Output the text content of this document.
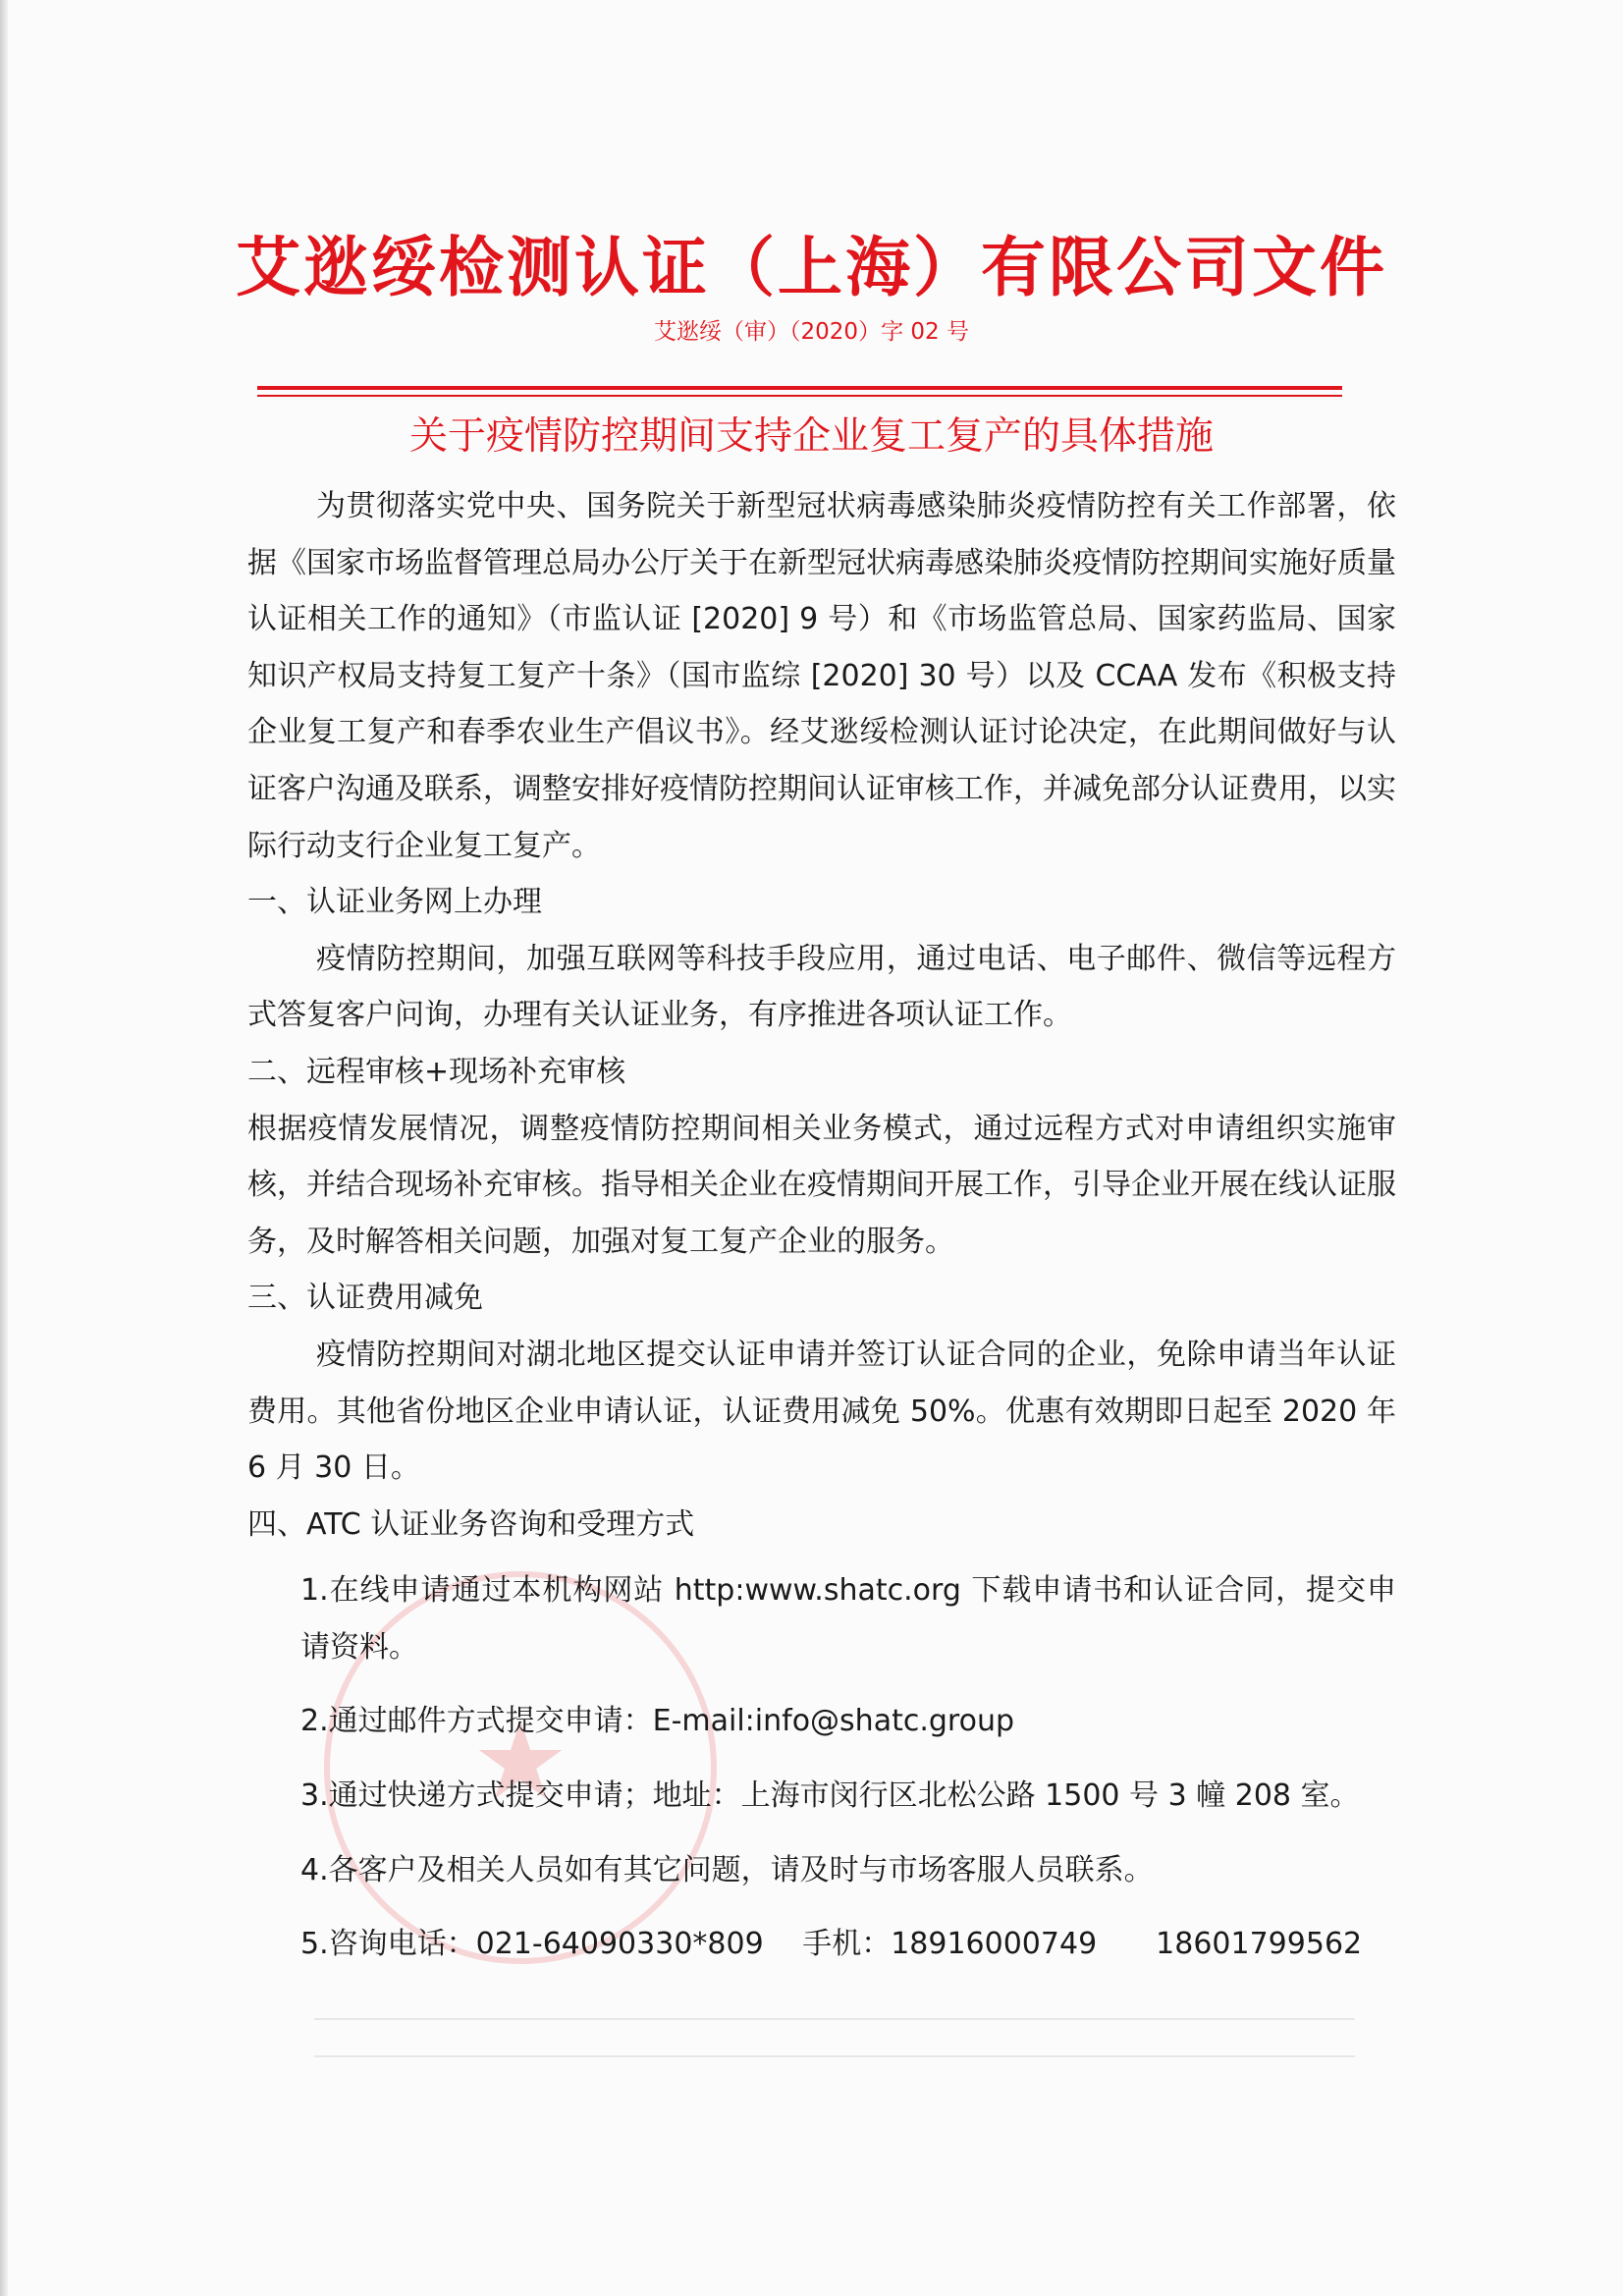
艾逖绥检测认证（上海）有限公司文件
艾逖绥（审）（2020）字 02 号
关于疫情防控期间支持企业复工复产的具体措施
★

为贯彻落实党中央、国务院关于新型冠状病毒感染肺炎疫情防控有关工作部署，依据《国家市场监督管理总局办公厅关于在新型冠状病毒感染肺炎疫情防控期间实施好质量认证相关工作的通知》（市监认证 [2020] 9 号）和《市场监管总局、国家药监局、国家知识产权局支持复工复产十条》（国市监综 [2020] 30 号）以及 CCAA 发布《积极支持企业复工复产和春季农业生产倡议书》。经艾逖绥检测认证讨论决定，在此期间做好与认证客户沟通及联系，调整安排好疫情防控期间认证审核工作，并减免部分认证费用，以实际行动支行企业复工复产。

一、认证业务网上办理

疫情防控期间，加强互联网等科技手段应用，通过电话、电子邮件、微信等远程方式答复客户问询，办理有关认证业务，有序推进各项认证工作。

二、远程审核+现场补充审核

根据疫情发展情况，调整疫情防控期间相关业务模式，通过远程方式对申请组织实施审核，并结合现场补充审核。指导相关企业在疫情期间开展工作，引导企业开展在线认证服务，及时解答相关问题，加强对复工复产企业的服务。

三、认证费用减免

疫情防控期间对湖北地区提交认证申请并签订认证合同的企业，免除申请当年认证费用。其他省份地区企业申请认证，认证费用减免 50%。优惠有效期即日起至 2020 年 6 月 30 日。

四、ATC 认证业务咨询和受理方式

1.在线申请通过本机构网站 http:www.shatc.org 下载申请书和认证合同，提交申请资料。

2.通过邮件方式提交申请：E-mail:info@shatc.group

3.通过快递方式提交申请；地址：上海市闵行区北松公路 1500 号 3 幢 208 室。

4.各客户及相关人员如有其它问题，请及时与市场客服人员联系。

5.咨询电话：021-64090330*809　 手机：18916000749　　18601799562
